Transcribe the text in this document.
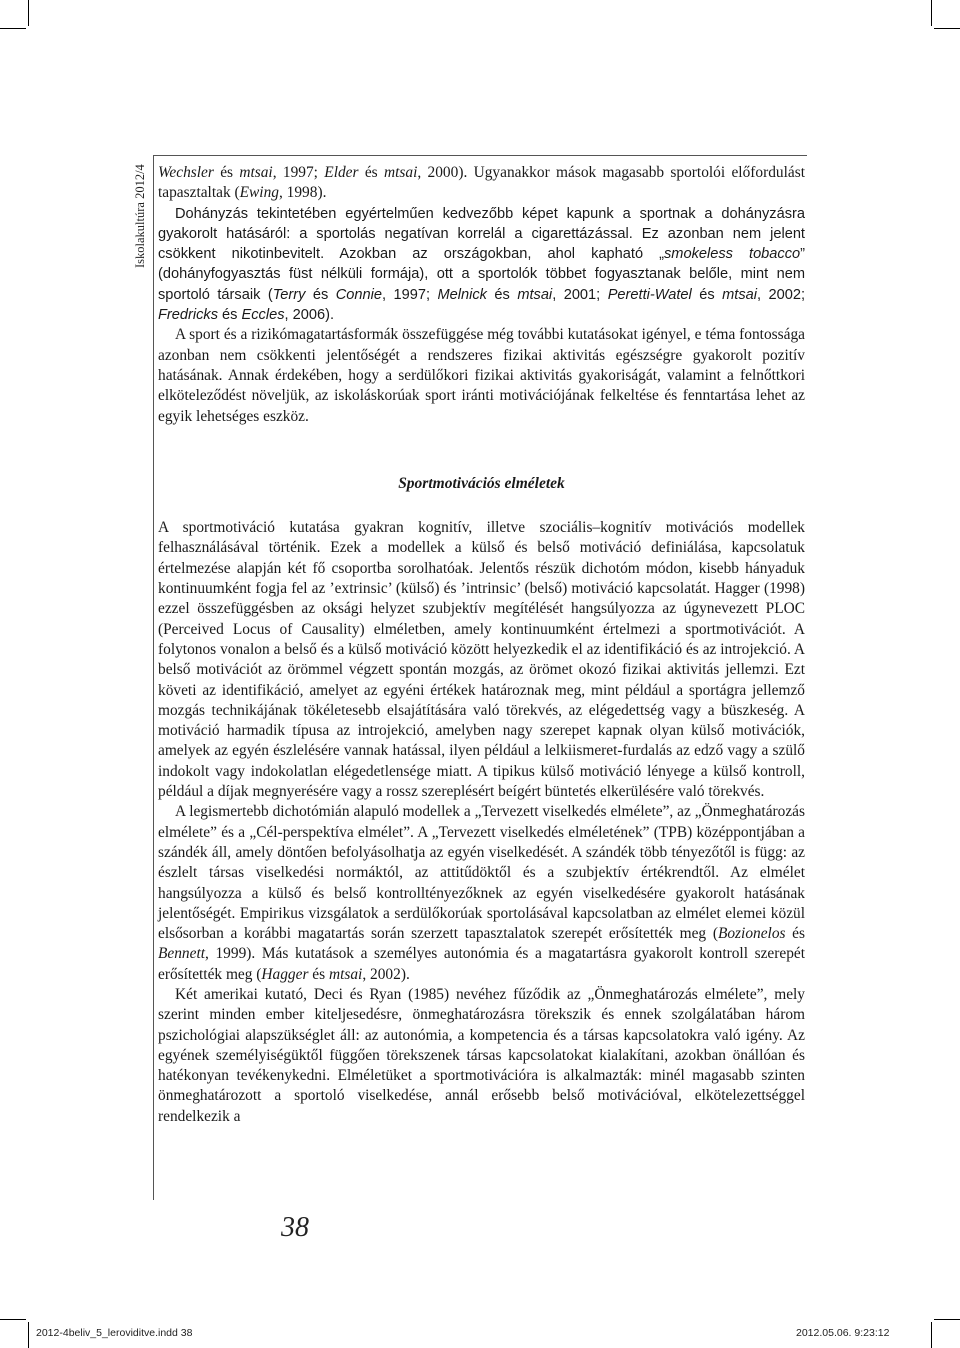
Iskolakultúra 2012/4 Wechsler és mtsai, 1997; Elder és mtsai, 2000). Ugyanakkor mások magasabb sportolói előfordulást tapasztaltak (Ewing, 1998).

Dohányzás tekintetében egyértelműen kedvezőbb képet kapunk a sportnak a dohányzásra gyakorolt hatásáról: a sportolás negatívan korrelál a cigarettázással. Ez azonban nem jelent csökkent nikotinbevitelt. Azokban az országokban, ahol kapható „smokeless tobacco” (dohányfogyasztás füst nélküli formája), ott a sportolók többet fogyasztanak belőle, mint nem sportoló társaik (Terry és Connie, 1997; Melnick és mtsai, 2001; Peretti-Watel és mtsai, 2002; Fredricks és Eccles, 2006).

A sport és a rizikómagatartásformák összefüggése még további kutatásokat igényel, e téma fontossága azonban nem csökkenti jelentőségét a rendszeres fizikai aktivitás egészségre gyakorolt pozitív hatásának. Annak érdekében, hogy a serdülőkori fizikai aktivitás gyakoriságát, valamint a felnőttkori elköteleződést növeljük, az iskoláskorúak sport iránti motivációjának felkeltése és fenntartása lehet az egyik lehetséges eszköz.

Sportmotivációs elméletek

A sportmotiváció kutatása gyakran kognitív, illetve szociális–kognitív motivációs modellek felhasználásával történik. Ezek a modellek a külső és belső motiváció definiálása, kapcsolatuk értelmezése alapján két fő csoportba sorolhatóak. Jelentős részük dichotóm módon, kisebb hányaduk kontinuumként fogja fel az ’extrinsic’ (külső) és ’intrinsic’ (belső) motiváció kapcsolatát. Hagger (1998) ezzel összefüggésben az oksági helyzet szubjektív megítélését hangsúlyozza az úgynevezett PLOC (Perceived Locus of Causality) elméletben, amely kontinuumként értelmezi a sportmotivációt. A folytonos vonalon a belső és a külső motiváció között helyezkedik el az identifikáció és az introjekció. A belső motivációt az örömmel végzett spontán mozgás, az örömet okozó fizikai aktivitás jellemzi. Ezt követi az identifikáció, amelyet az egyéni értékek határoznak meg, mint például a sportágra jellemző mozgás technikájának tökéletesebb elsajátítására való törekvés, az elégedettség vagy a büszkeség. A motiváció harmadik típusa az introjekció, amelyben nagy szerepet kapnak olyan külső motivációk, amelyek az egyén észlelésére vannak hatással, ilyen például a lelkiismeret-furdalás az edző vagy a szülő indokolt vagy indokolatlan elégedetlensége miatt. A tipikus külső motiváció lényege a külső kontroll, például a díjak megnyerésére vagy a rossz szereplésért beígért büntetés elkerülésére való törekvés.

A legismertebb dichotómián alapuló modellek a „Tervezett viselkedés elmélete”, az „Önmeghatározás elmélete” és a „Cél-perspektíva elmélet”. A „Tervezett viselkedés elméletének” (TPB) középpontjában a szándék áll, amely döntően befolyásolhatja az egyén viselkedését. A szándék több tényezőtől is függ: az észlelt társas viselkedési normáktól, az attitűdöktől és a szubjektív értékrendtől. Az elmélet hangsúlyozza a külső és belső kontrolltényezőknek az egyén viselkedésére gyakorolt hatásának jelentőségét. Empirikus vizsgálatok a serdülőkorúak sportolásával kapcsolatban az elmélet elemei közül elsősorban a korábbi magatartás során szerzett tapasztalatok szerepét erősítették meg (Bozionelos és Bennett, 1999). Más kutatások a személyes autonómia és a magatartásra gyakorolt kontroll szerepét erősítették meg (Hagger és mtsai, 2002).

Két amerikai kutató, Deci és Ryan (1985) nevéhez fűződik az „Önmeghatározás elmélete”, mely szerint minden ember kiteljesedésre, önmeghatározásra törekszik és ennek szolgálatában három pszichológiai alapszükséglet áll: az autonómia, a kompetencia és a társas kapcsolatokra való igény. Az egyének személyiségüktől függően törekszenek társas kapcsolatokat kialakítani, azokban önállóan és hatékonyan tevékenykedni. Elméletüket a sportmotivációra is alkalmazták: minél magasabb szinten önmeghatározott a sportoló viselkedése, annál erősebb belső motivációval, elkötelezettséggel rendelkezik a

38
2012-4beliv_5_leroviditve.indd 38	2012.05.06. 9:23:12
